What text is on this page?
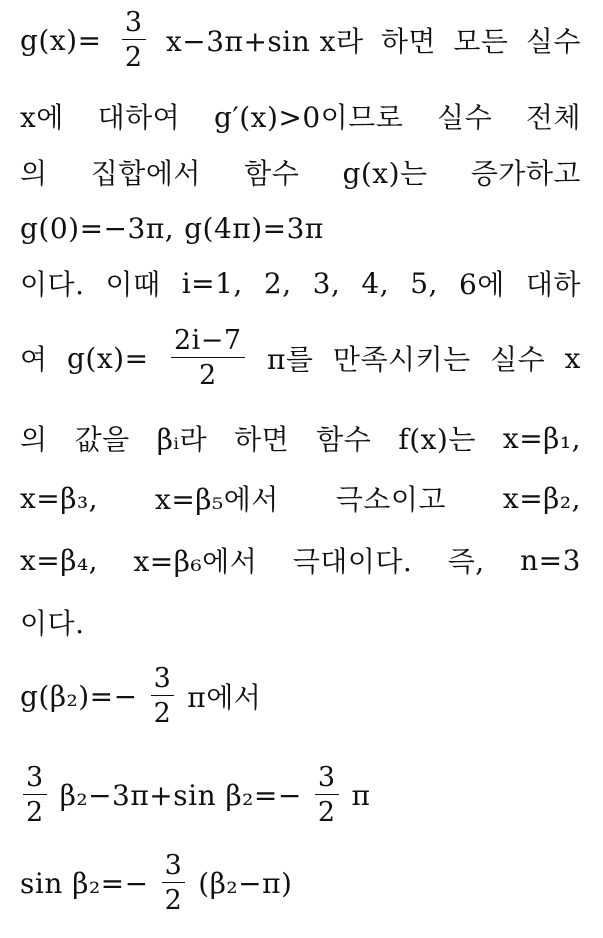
$g(x)= \frac{3}{2} x-3\pi+\sin$ x라 하면 모든 실수
x에 대하여 g′(x)>0이므로 실수 전체
의 집합에서 함수 g(x)는 증가하고
g(0)=−3π, g(4π)=3π
이다. 이때 i=1, 2, 3, 4, 5, 6에 대하
여 $g(x)= \frac{2i-7}{2}$ π를 만족시키는 실수 x
의 값을 βᵢ라 하면 함수 f(x)는 x=β₁,
x=β₃, x=β₅에서 극소이고 x=β₂,
x=β₄, x=β₆에서 극대이다. 즉, n=3
이다.
$g(\beta_2)=- \frac{3}{2}$ π에서
$\frac{3}{2} \beta_2-3\pi+\sin$ $\beta_2=- \frac{3}{2}$ π
$\sin \beta_2=- \frac{3}{2} (\beta_2-\pi)$
